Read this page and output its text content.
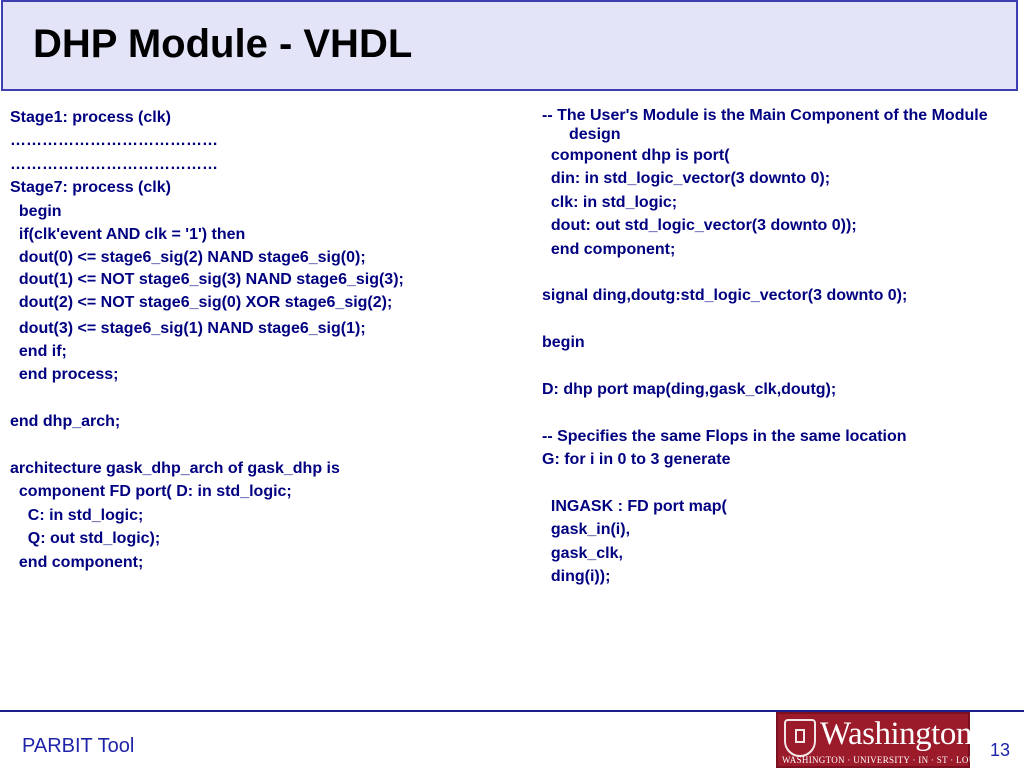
DHP Module - VHDL
Stage1: process (clk)
…………………………………
…………………………………
Stage7: process (clk)
begin
if(clk'event AND clk = '1') then
dout(0) <= stage6_sig(2) NAND stage6_sig(0);
dout(1) <= NOT stage6_sig(3) NAND stage6_sig(3);
dout(2) <= NOT stage6_sig(0) XOR stage6_sig(2);
dout(3) <= stage6_sig(1) NAND stage6_sig(1);
end if;
end process;
end dhp_arch;
architecture gask_dhp_arch of gask_dhp is
component FD port( D: in std_logic;
C: in std_logic;
Q: out std_logic);
end component;
-- The User's Module is the Main Component of the Module design
component dhp is port(
din: in std_logic_vector(3 downto 0);
clk: in std_logic;
dout: out std_logic_vector(3 downto 0));
end component;
signal ding,doutg:std_logic_vector(3 downto 0);
begin
D: dhp port map(ding,gask_clk,doutg);
-- Specifies the same Flops in the same location
G: for i in 0 to 3 generate
INGASK : FD port map(
gask_in(i),
gask_clk,
ding(i));
PARBIT Tool	Washington
WASHINGTON · UNIVERSITY · IN · ST · LOUIS 13
